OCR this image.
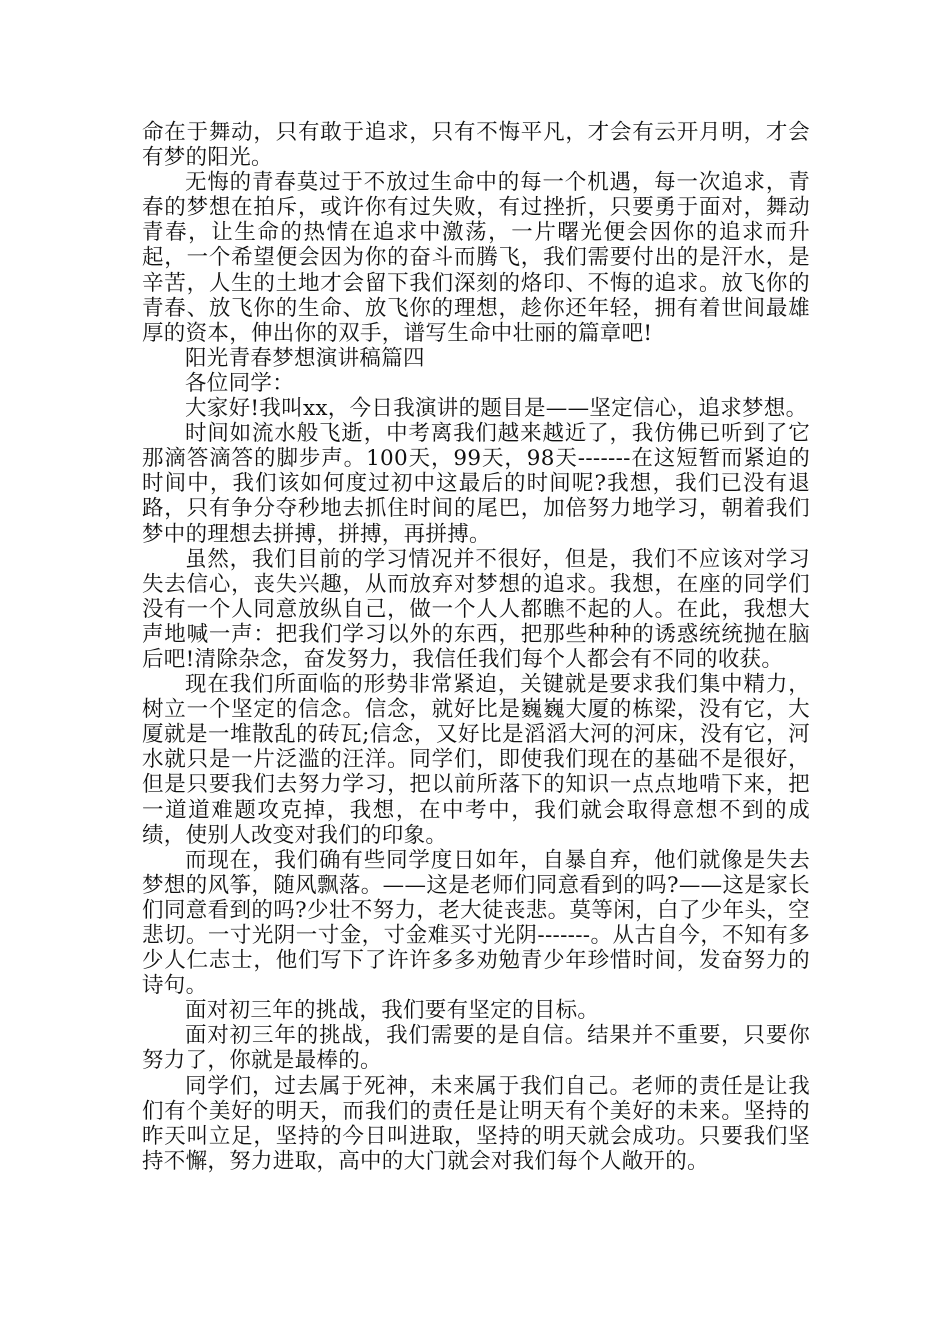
命在于舞动，只有敢于追求，只有不悔平凡，才会有云开月明，才会有梦的阳光。

无悔的青春莫过于不放过生命中的每一个机遇，每一次追求，青春的梦想在拍斥，或许你有过失败，有过挫折，只要勇于面对，舞动青春，让生命的热情在追求中激荡，一片曙光便会因你的追求而升起，一个希望便会因为你的奋斗而腾飞，我们需要付出的是汗水，是辛苦，人生的土地才会留下我们深刻的烙印、不悔的追求。放飞你的青春、放飞你的生命、放飞你的理想，趁你还年轻，拥有着世间最雄厚的资本，伸出你的双手，谱写生命中壮丽的篇章吧!

阳光青春梦想演讲稿篇四

各位同学：

大家好!我叫xx，今日我演讲的题目是——坚定信心，追求梦想。

时间如流水般飞逝，中考离我们越来越近了，我仿佛已听到了它那滴答滴答的脚步声。100天，99天，98天-------在这短暂而紧迫的时间中，我们该如何度过初中这最后的时间呢?我想，我们已没有退路，只有争分夺秒地去抓住时间的尾巴，加倍努力地学习，朝着我们梦中的理想去拼搏，拼搏，再拼搏。

虽然，我们目前的学习情况并不很好，但是，我们不应该对学习失去信心，丧失兴趣，从而放弃对梦想的追求。我想，在座的同学们没有一个人同意放纵自己，做一个人人都瞧不起的人。在此，我想大声地喊一声：把我们学习以外的东西，把那些种种的诱惑统统抛在脑后吧!清除杂念，奋发努力，我信任我们每个人都会有不同的收获。

现在我们所面临的形势非常紧迫，关键就是要求我们集中精力，树立一个坚定的信念。信念，就好比是巍巍大厦的栋梁，没有它，大厦就是一堆散乱的砖瓦;信念，又好比是滔滔大河的河床，没有它，河水就只是一片泛滥的汪洋。同学们，即使我们现在的基础不是很好，但是只要我们去努力学习，把以前所落下的知识一点点地啃下来，把一道道难题攻克掉，我想，在中考中，我们就会取得意想不到的成绩，使别人改变对我们的印象。

而现在，我们确有些同学度日如年，自暴自弃，他们就像是失去梦想的风筝，随风飘落。——这是老师们同意看到的吗?——这是家长们同意看到的吗?少壮不努力，老大徒丧悲。莫等闲，白了少年头，空悲切。一寸光阴一寸金，寸金难买寸光阴-------。从古自今，不知有多少人仁志士，他们写下了许许多多劝勉青少年珍惜时间，发奋努力的诗句。

面对初三年的挑战，我们要有坚定的目标。

面对初三年的挑战，我们需要的是自信。结果并不重要，只要你努力了，你就是最棒的。

同学们，过去属于死神，未来属于我们自己。老师的责任是让我们有个美好的明天，而我们的责任是让明天有个美好的未来。坚持的昨天叫立足，坚持的今日叫进取，坚持的明天就会成功。只要我们坚持不懈，努力进取，高中的大门就会对我们每个人敞开的。
